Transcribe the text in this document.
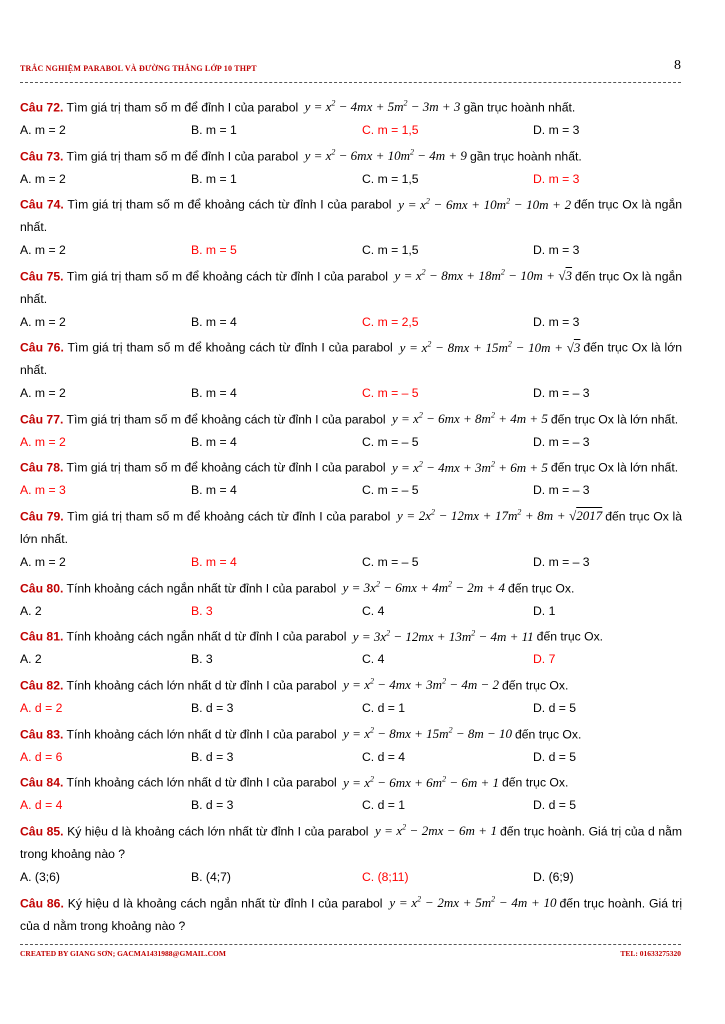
TRẮC NGHIỆM PARABOL VÀ ĐƯỜNG THẲNG LỚP 10 THPT	8
Câu 72. Tìm giá trị tham số m để đỉnh I của parabol $y = x^2 - 4mx + 5m^2 - 3m + 3$ gần trục hoành nhất.
A. m = 2	B. m = 1	C. m = 1,5	D. m = 3
Câu 73. Tìm giá trị tham số m để đỉnh I của parabol $y = x^2 - 6mx + 10m^2 - 4m + 9$ gần trục hoành nhất.
A. m = 2	B. m = 1	C. m = 1,5	D. m = 3
Câu 74. Tìm giá trị tham số m để khoảng cách từ đỉnh I của parabol $y = x^2 - 6mx + 10m^2 - 10m + 2$ đến trục Ox là ngắn nhất.
A. m = 2	B. m = 5	C. m = 1,5	D. m = 3
Câu 75. Tìm giá trị tham số m để khoảng cách từ đỉnh I của parabol $y = x^2 - 8mx + 18m^2 - 10m + √3$ đến trục Ox là ngắn nhất.
A. m = 2	B. m = 4	C. m = 2,5	D. m = 3
Câu 76. Tìm giá trị tham số m để khoảng cách từ đỉnh I của parabol $y = x^2 - 8mx + 15m^2 - 10m + √3$ đến trục Ox là lớn nhất.
A. m = 2	B. m = 4	C. m = – 5	D. m = – 3
Câu 77. Tìm giá trị tham số m để khoảng cách từ đỉnh I của parabol $y = x^2 - 6mx + 8m^2 + 4m + 5$ đến trục Ox là lớn nhất.
A. m = 2	B. m = 4	C. m = – 5	D. m = – 3
Câu 78. Tìm giá trị tham số m để khoảng cách từ đỉnh I của parabol $y = x^2 - 4mx + 3m^2 + 6m + 5$ đến trục Ox là lớn nhất.
A. m = 3	B. m = 4	C. m = – 5	D. m = – 3
Câu 79. Tìm giá trị tham số m để khoảng cách từ đỉnh I của parabol $y = 2x^2 - 12mx + 17m^2 + 8m + √2017$ đến trục Ox là lớn nhất.
A. m = 2	B. m = 4	C. m = – 5	D. m = – 3
Câu 80. Tính khoảng cách ngắn nhất từ đỉnh I của parabol $y = 3x^2 - 6mx + 4m^2 - 2m + 4$ đến trục Ox.
A. 2	B. 3	C. 4	D. 1
Câu 81. Tính khoảng cách ngắn nhất d từ đỉnh I của parabol $y = 3x^2 - 12mx + 13m^2 - 4m + 11$ đến trục Ox.
A. 2	B. 3	C. 4	D. 7
Câu 82. Tính khoảng cách lớn nhất d từ đỉnh I của parabol $y = x^2 - 4mx + 3m^2 - 4m - 2$ đến trục Ox.
A. d = 2	B. d = 3	C. d = 1	D. d = 5
Câu 83. Tính khoảng cách lớn nhất d từ đỉnh I của parabol $y = x^2 - 8mx + 15m^2 - 8m - 10$ đến trục Ox.
A. d = 6	B. d = 3	C. d = 4	D. d = 5
Câu 84. Tính khoảng cách lớn nhất d từ đỉnh I của parabol $y = x^2 - 6mx + 6m^2 - 6m + 1$ đến trục Ox.
A. d = 4	B. d = 3	C. d = 1	D. d = 5
Câu 85. Ký hiệu d là khoảng cách lớn nhất từ đỉnh I của parabol $y = x^2 - 2mx - 6m + 1$ đến trục hoành. Giá trị của d nằm trong khoảng nào ?
A. (3;6)	B. (4;7)	C. (8;11)	D. (6;9)
Câu 86. Ký hiệu d là khoảng cách ngắn nhất từ đỉnh I của parabol $y = x^2 - 2mx + 5m^2 - 4m + 10$ đến trục hoành. Giá trị của d nằm trong khoảng nào ?
CREATED BY GIANG SƠN; GACMA1431988@GMAIL.COM	TEL: 01633275320
